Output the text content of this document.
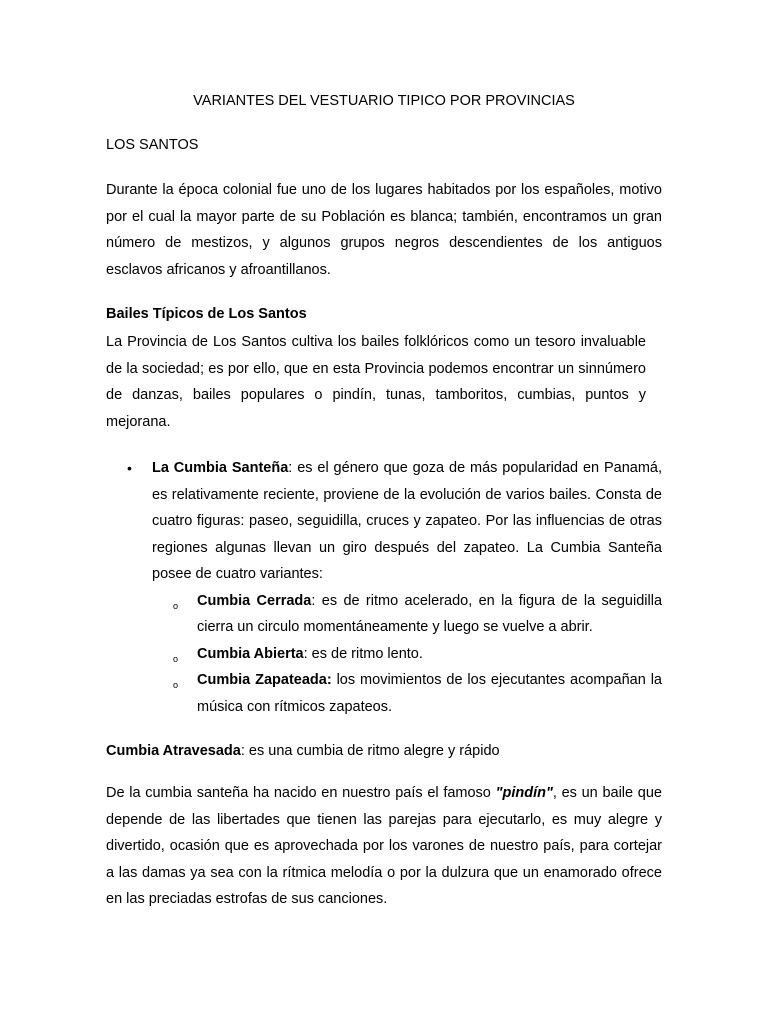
VARIANTES DEL VESTUARIO TIPICO POR PROVINCIAS
LOS SANTOS

Durante la época colonial fue uno de los lugares habitados por los españoles, motivo por el cual la mayor parte de su Población es blanca; también, encontramos un gran número de mestizos, y algunos grupos negros descendientes de los antiguos esclavos africanos y afroantillanos.

Bailes Típicos de Los Santos

La Provincia de Los Santos cultiva los bailes folklóricos como un tesoro invaluable de la sociedad; es por ello, que en esta Provincia podemos encontrar un sinnúmero de danzas, bailes populares o pindín, tunas, tamboritos, cumbias, puntos y mejorana.

• La Cumbia Santeña: es el género que goza de más popularidad en Panamá, es relativamente reciente, proviene de la evolución de varios bailes. Consta de cuatro figuras: paseo, seguidilla, cruces y zapateo. Por las influencias de otras regiones algunas llevan un giro después del zapateo. La Cumbia Santeña posee de cuatro variantes:

o Cumbia Cerrada: es de ritmo acelerado, en la figura de la seguidilla cierra un circulo momentáneamente y luego se vuelve a abrir.

o Cumbia Abierta: es de ritmo lento.

o Cumbia Zapateada: los movimientos de los ejecutantes acompañan la música con rítmicos zapateos.

Cumbia Atravesada: es una cumbia de ritmo alegre y rápido

De la cumbia santeña ha nacido en nuestro país el famoso "pindín", es un baile que depende de las libertades que tienen las parejas para ejecutarlo, es muy alegre y divertido, ocasión que es aprovechada por los varones de nuestro país, para cortejar a las damas ya sea con la rítmica melodía o por la dulzura que un enamorado ofrece en las preciadas estrofas de sus canciones.
